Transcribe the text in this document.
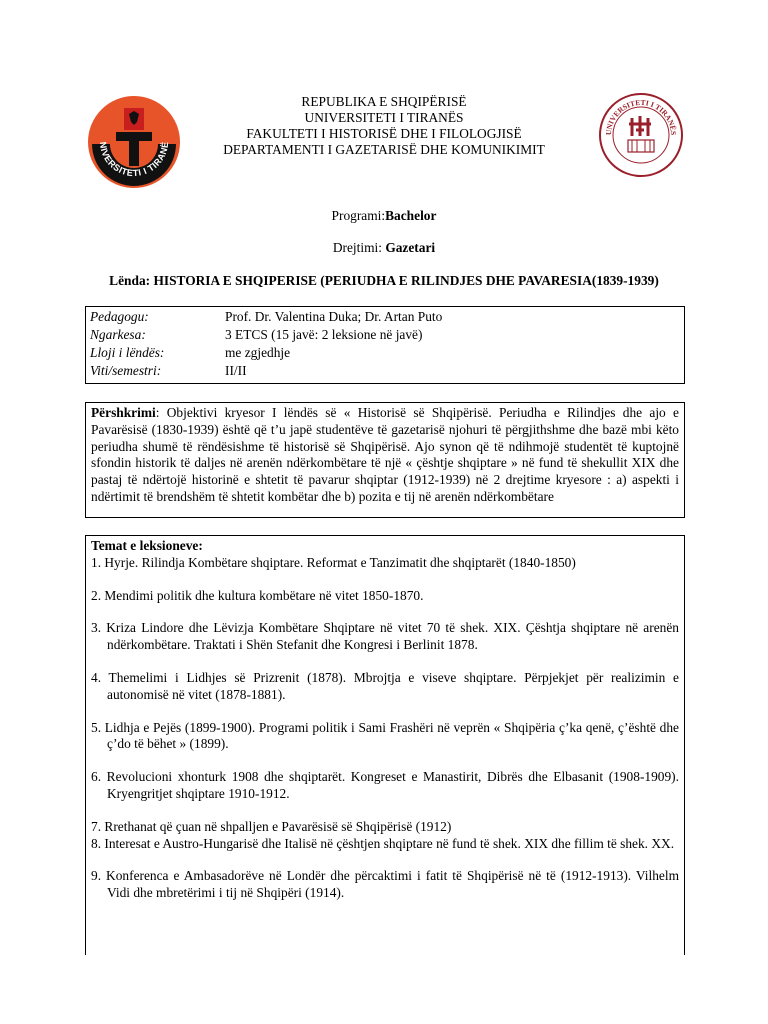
NIVERSITETI I TIRANË
UNIVERSITETI I TIRANËS
REPUBLIKA E SHQIPËRISË
UNIVERSITETI I TIRANËS
FAKULTETI I HISTORISË DHE I FILOLOGJISË
DEPARTAMENTI I GAZETARISË DHE KOMUNIKIMIT
Programi:Bachelor
Drejtimi: Gazetari
Lënda: HISTORIA E SHQIPERISE (PERIUDHA E RILINDJES DHE PAVARESIA(1839-1939)
Pedagogu:	Prof. Dr. Valentina Duka; Dr. Artan Puto
Ngarkesa:	3 ETCS (15 javë: 2 leksione në javë)
Lloji i lëndës:	me zgjedhje
Viti/semestri:	II/II
Përshkrimi: Objektivi kryesor I lëndës së « Historisë së Shqipërisë. Periudha e Rilindjes dhe ajo e Pavarësisë (1830-1939) është që t’u japë studentëve të gazetarisë njohuri të përgjithshme dhe bazë mbi këto periudha shumë të rëndësishme të historisë së Shqipërisë. Ajo synon që të ndihmojë studentët të kuptojnë sfondin historik të daljes në arenën ndërkombëtare të një « çështje shqiptare » në fund të shekullit XIX dhe pastaj të ndërtojë historinë e shtetit të pavarur shqiptar (1912-1939) në 2 drejtime kryesore : a) aspekti i ndërtimit të brendshëm të shtetit kombëtar dhe b) pozita e tij në arenën ndërkombëtare
Temat e leksioneve:
1. Hyrje. Rilindja Kombëtare shqiptare. Reformat e Tanzimatit dhe shqiptarët (1840-1850)
2. Mendimi politik dhe kultura kombëtare në vitet 1850-1870.
3. Kriza Lindore dhe Lëvizja Kombëtare Shqiptare në vitet 70 të shek. XIX. Çështja shqiptare në arenën ndërkombëtare. Traktati i Shën Stefanit dhe Kongresi i Berlinit 1878.
4. Themelimi i Lidhjes së Prizrenit (1878). Mbrojtja e viseve shqiptare. Përpjekjet për realizimin e autonomisë në vitet (1878-1881).
5. Lidhja e Pejës (1899-1900). Programi politik i Sami Frashëri në veprën « Shqipëria ç’ka qenë, ç’është dhe ç’do të bëhet » (1899).
6. Revolucioni xhonturk 1908 dhe shqiptarët. Kongreset e Manastirit, Dibrës dhe Elbasanit (1908-1909). Kryengritjet shqiptare 1910-1912.
7. Rrethanat që çuan në shpalljen e Pavarësisë së Shqipërisë (1912)
8. Interesat e Austro-Hungarisë dhe Italisë në çështjen shqiptare në fund të shek. XIX dhe fillim të shek. XX.
9. Konferenca e Ambasadorëve në Londër dhe përcaktimi i fatit të Shqipërisë në të (1912-1913). Vilhelm Vidi dhe mbretërimi i tij në Shqipëri (1914).
